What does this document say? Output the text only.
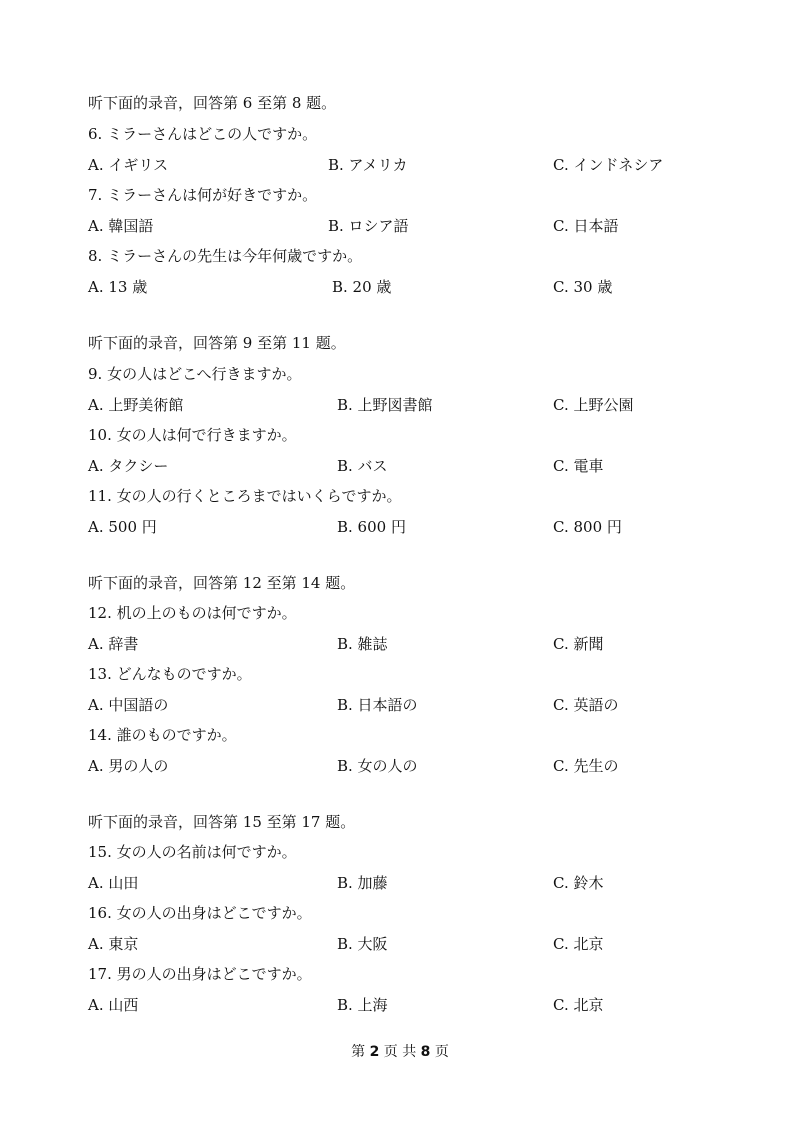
听下面的录音，回答第 6 至第 8 题。
6. ミラーさんはどこの人ですか。
A. イギリス	B. アメリカ	C. インドネシア
7. ミラーさんは何が好きですか。
A. 韓国語	B. ロシア語	C. 日本語
8. ミラーさんの先生は今年何歳ですか。
A. 13 歳	B. 20 歳	C. 30 歳
听下面的录音，回答第 9 至第 11 题。
9. 女の人はどこへ行きますか。
A. 上野美術館	B. 上野図書館	C. 上野公園
10. 女の人は何で行きますか。
A. タクシー	B. バス	C. 電車
11. 女の人の行くところまではいくらですか。
A. 500 円	B. 600 円	C. 800 円
听下面的录音，回答第 12 至第 14 题。
12. 机の上のものは何ですか。
A. 辞書	B. 雑誌	C. 新聞
13. どんなものですか。
A. 中国語の	B. 日本語の	C. 英語の
14. 誰のものですか。
A. 男の人の	B. 女の人の	C. 先生の
听下面的录音，回答第 15 至第 17 题。
15. 女の人の名前は何ですか。
A. 山田	B. 加藤	C. 鈴木
16. 女の人の出身はどこですか。
A. 東京	B. 大阪	C. 北京
17. 男の人の出身はどこですか。
A. 山西	B. 上海	C. 北京
第 2 页 共 8 页
